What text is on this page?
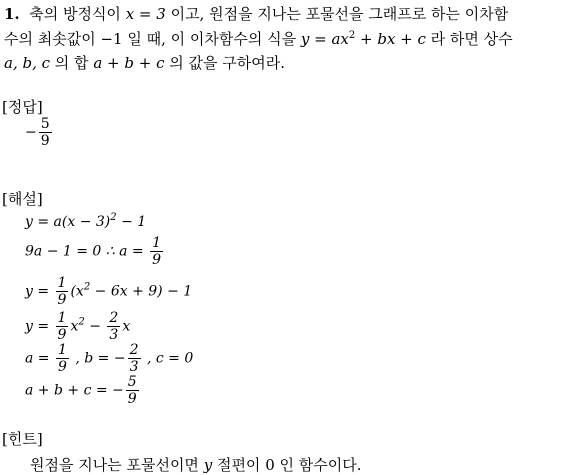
1. 축의 방정식이 x = 3 이고, 원점을 지나는 포물선을 그래프로 하는 이차함
수의 최솟값이 −1 일 때, 이 이차함수의 식을 $y = ax^2$ + bx + c 라 하면 상수
a, b, c 의 합 a + b + c 의 값을 구하여라.
[정답]
− $\frac{5}{9}$
[해설]
$y = a(x - 3)^2 - 1$
9a − 1 = 0 ∴ $a = \frac{1}{9}$
$y = \frac{1}{9} (x^2 - 6x + 9) - 1$
$y = \frac{1}{9} x^2 - \frac{2}{3}$ x
$a = \frac{1}{9}$ , b = − $\frac{2}{3}$ , c = 0
a + b + c = − $\frac{5}{9}$
[힌트]
원점을 지나는 포물선이면 y 절편이 0 인 함수이다.
